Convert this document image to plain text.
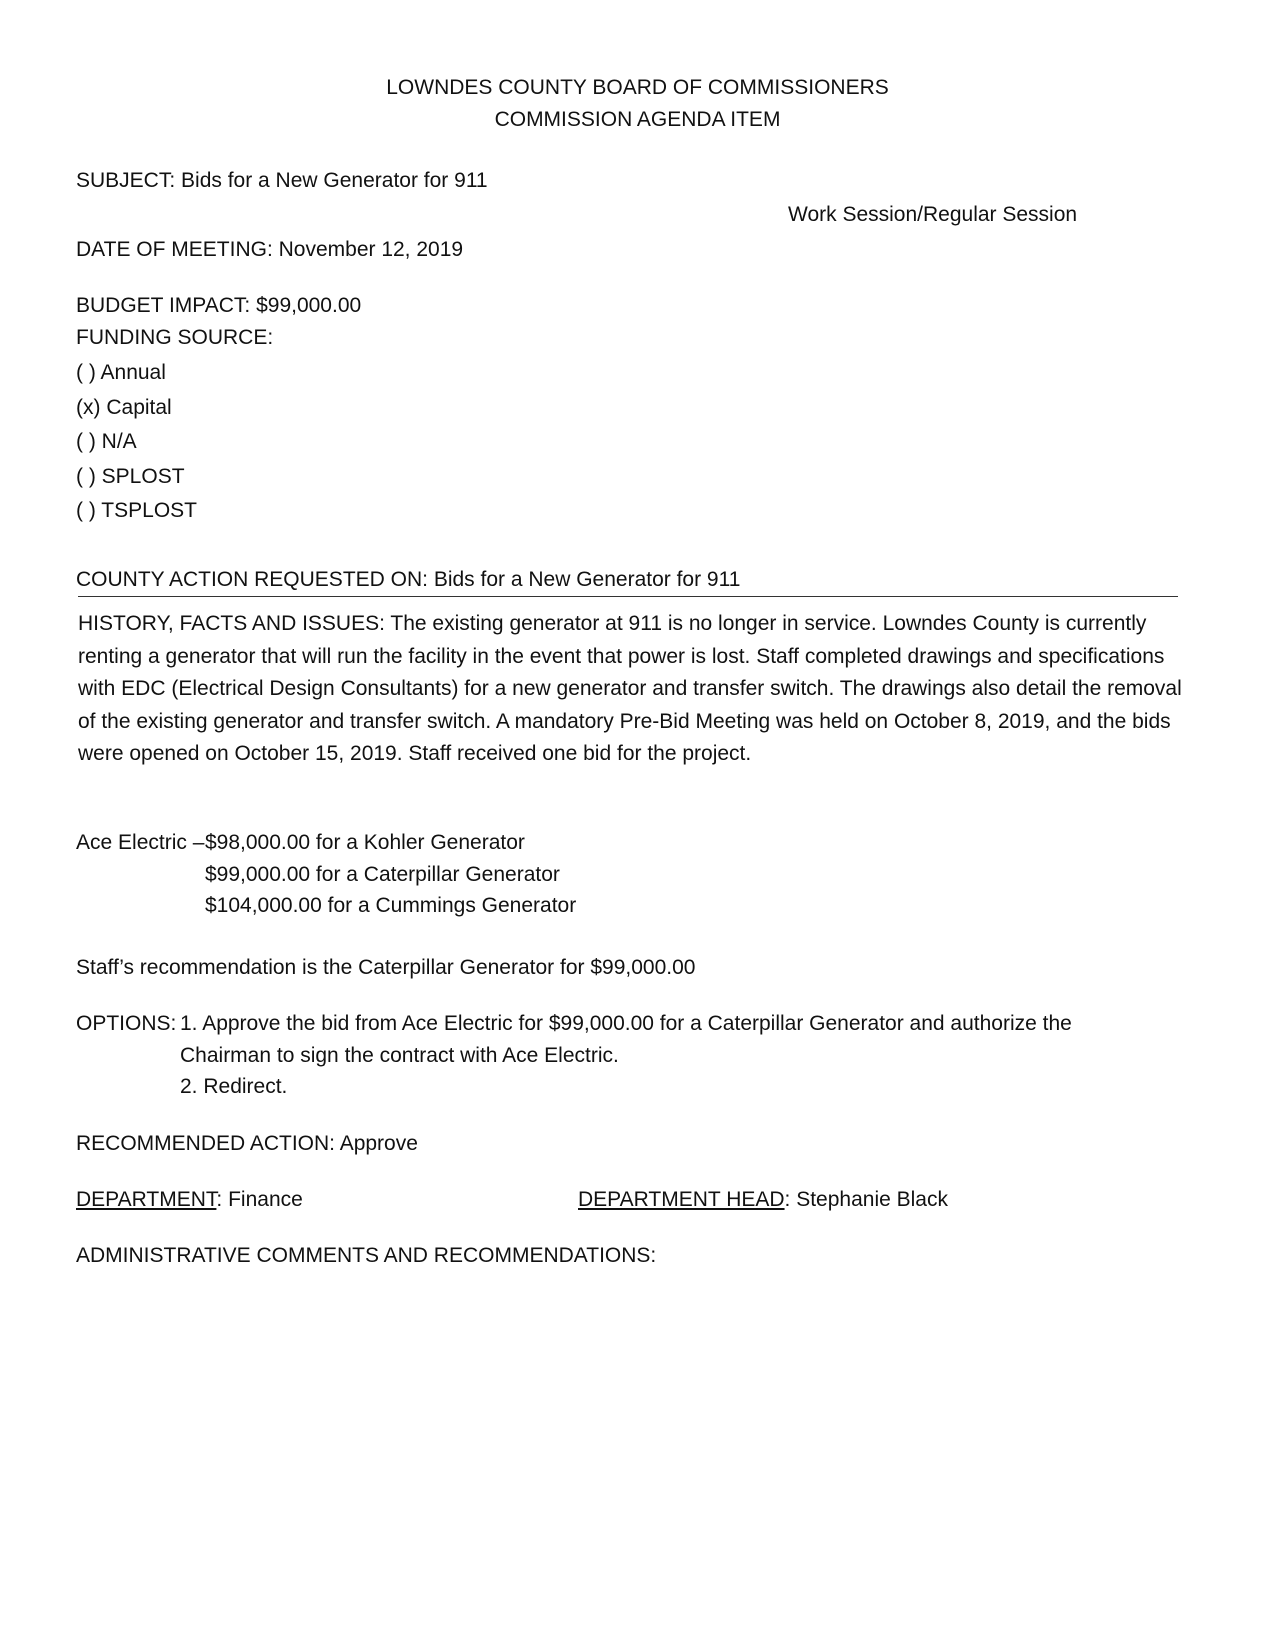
LOWNDES COUNTY BOARD OF COMMISSIONERS
COMMISSION AGENDA ITEM
SUBJECT: Bids for a New Generator for 911
Work Session/Regular Session
DATE OF MEETING: November 12, 2019
BUDGET IMPACT: $99,000.00
FUNDING SOURCE:
( ) Annual
(x) Capital
( ) N/A
( ) SPLOST
( ) TSPLOST
COUNTY ACTION REQUESTED ON: Bids for a New Generator for 911
HISTORY, FACTS AND ISSUES: The existing generator at 911 is no longer in service. Lowndes County is currently renting a generator that will run the facility in the event that power is lost. Staff completed drawings and specifications with EDC (Electrical Design Consultants) for a new generator and transfer switch. The drawings also detail the removal of the existing generator and transfer switch. A mandatory Pre-Bid Meeting was held on October 8, 2019, and the bids were opened on October 15, 2019. Staff received one bid for the project.
Ace Electric – $98,000.00 for a Kohler Generator
$99,000.00 for a Caterpillar Generator
$104,000.00 for a Cummings Generator
Staff’s recommendation is the Caterpillar Generator for $99,000.00
OPTIONS: 1. Approve the bid from Ace Electric for $99,000.00 for a Caterpillar Generator and authorize the
Chairman to sign the contract with Ace Electric.
2. Redirect.
RECOMMENDED ACTION: Approve
DEPARTMENT: Finance	DEPARTMENT HEAD: Stephanie Black
ADMINISTRATIVE COMMENTS AND RECOMMENDATIONS:
